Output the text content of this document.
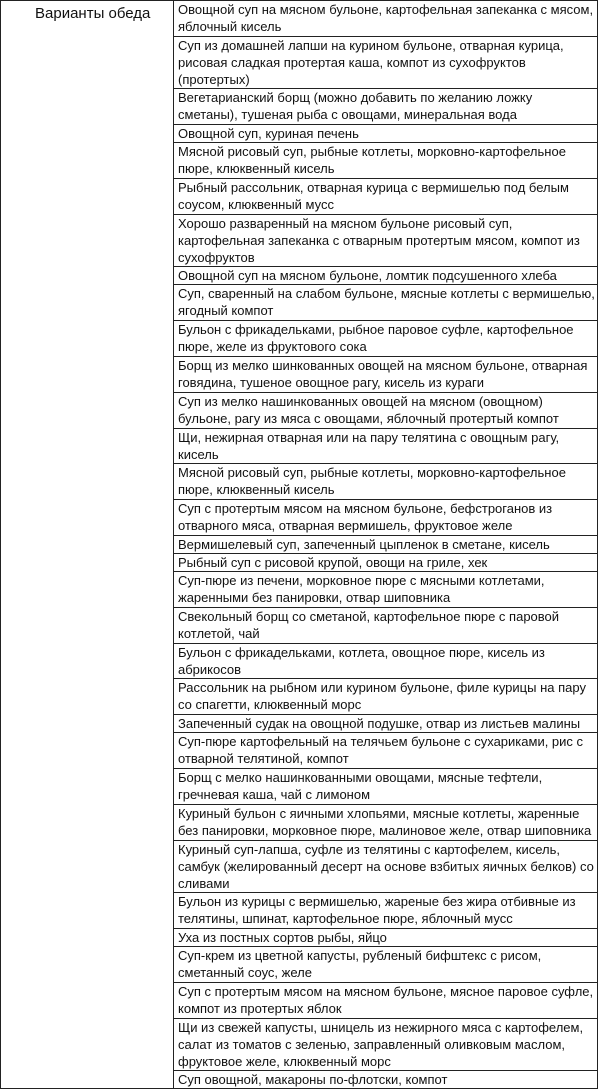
Варианты обеда	Овощной суп на мясном бульоне, картофельная запеканка с мясом, яблочный кисель
Суп из домашней лапши на курином бульоне, отварная курица, рисовая сладкая протертая каша, компот из сухофруктов (протертых)
Вегетарианский борщ (можно добавить по желанию ложку сметаны), тушеная рыба с овощами, минеральная вода
Овощной суп, куриная печень
Мясной рисовый суп, рыбные котлеты, морковно-картофельное пюре, клюквенный кисель
Рыбный рассольник, отварная курица с вермишелью под белым соусом, клюквенный мусс
Хорошо разваренный на мясном бульоне рисовый суп, картофельная запеканка с отварным протертым мясом, компот из сухофруктов
Овощной суп на мясном бульоне, ломтик подсушенного хлеба
Суп, сваренный на слабом бульоне, мясные котлеты с вермишелью, ягодный компот
Бульон с фрикадельками, рыбное паровое суфле, картофельное пюре, желе из фруктового сока
Борщ из мелко шинкованных овощей на мясном бульоне, отварная говядина, тушеное овощное рагу, кисель из кураги
Суп из мелко нашинкованных овощей на мясном (овощном) бульоне, рагу из мяса с овощами, яблочный протертый компот
Щи, нежирная отварная или на пару телятина с овощным рагу, кисель
Мясной рисовый суп, рыбные котлеты, морковно-картофельное пюре, клюквенный кисель
Суп с протертым мясом на мясном бульоне, бефстроганов из отварного мяса, отварная вермишель, фруктовое желе
Вермишелевый суп, запеченный цыпленок в сметане, кисель
Рыбный суп с рисовой крупой, овощи на гриле, хек
Суп-пюре из печени, морковное пюре с мясными котлетами, жаренными без панировки, отвар шиповника
Свекольный борщ со сметаной, картофельное пюре с паровой котлетой, чай
Бульон с фрикадельками, котлета, овощное пюре, кисель из абрикосов
Рассольник на рыбном или курином бульоне, филе курицы на пару со спагетти, клюквенный морс
Запеченный судак на овощной подушке, отвар из листьев малины
Суп-пюре картофельный на телячьем бульоне с сухариками, рис с отварной телятиной, компот
Борщ с мелко нашинкованными овощами, мясные тефтели, гречневая каша, чай с лимоном
Куриный бульон с яичными хлопьями, мясные котлеты, жаренные без панировки, морковное пюре, малиновое желе, отвар шиповника
Куриный суп-лапша, суфле из телятины с картофелем, кисель, самбук (желированный десерт на основе взбитых яичных белков) со сливами
Бульон из курицы с вермишелью, жареные без жира отбивные из телятины, шпинат, картофельное пюре, яблочный мусс
Уха из постных сортов рыбы, яйцо
Суп-крем из цветной капусты, рубленый бифштекс с рисом, сметанный соус, желе
Суп с протертым мясом на мясном бульоне, мясное паровое суфле, компот из протертых яблок
Щи из свежей капусты, шницель из нежирного мяса с картофелем, салат из томатов с зеленью, заправленный оливковым маслом, фруктовое желе, клюквенный морс
Суп овощной, макароны по-флотски, компот
